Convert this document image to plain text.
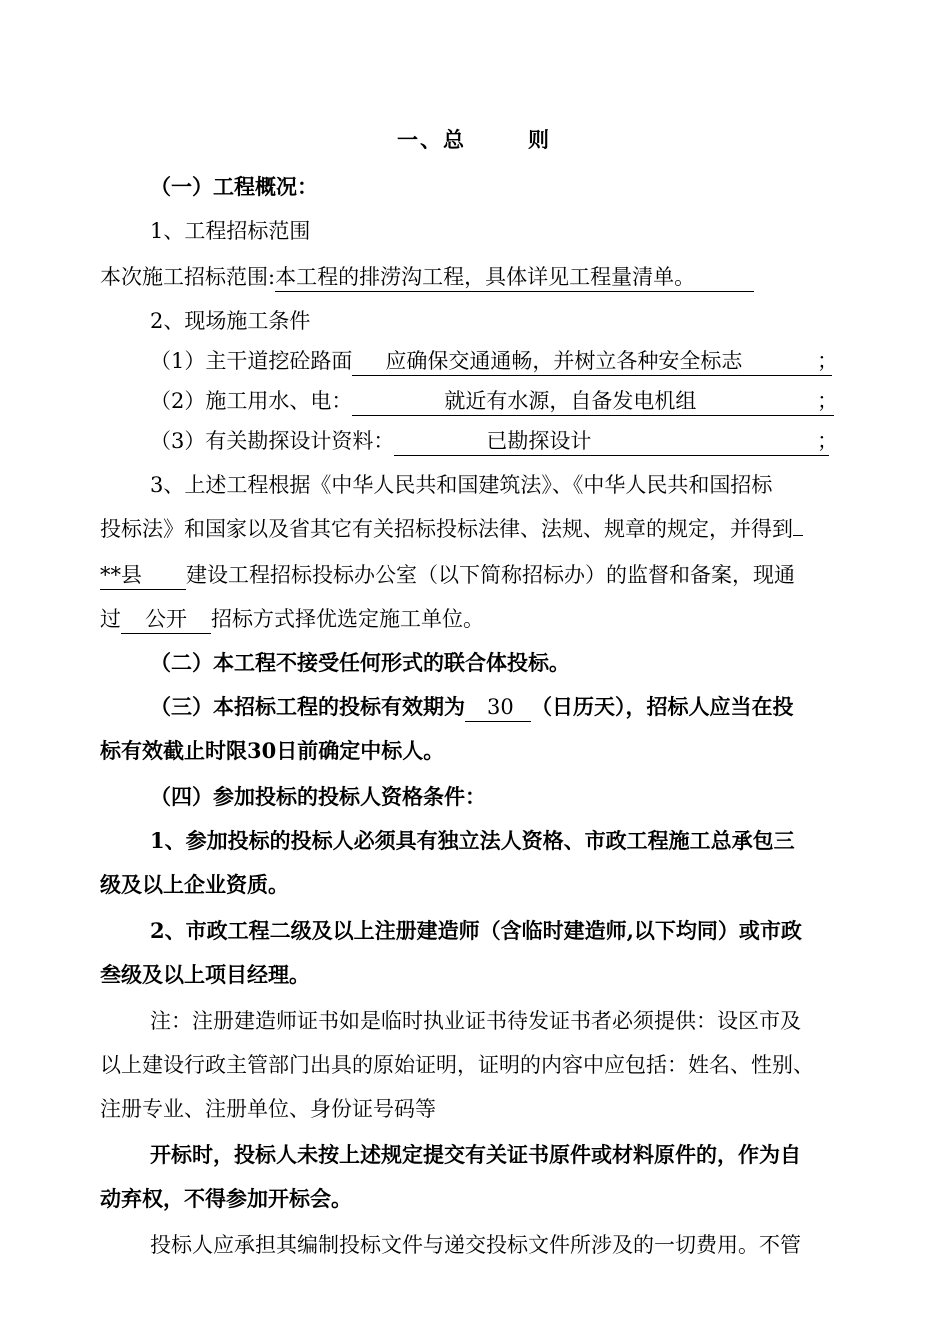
一、总	则
（一）工程概况：
1、工程招标范围
本次施工招标范围:本工程的排涝沟工程，具体详见工程量清单。
2、现场施工条件
（1）主干道挖砼路面 应确保交通通畅，并树立各种安全标志	；
（2）施工用水、电：	就近有水源，自备发电机组	；
（3）有关勘探设计资料：	已勘探设计	；
3、上述工程根据《中华人民共和国建筑法》、《中华人民共和国招标
投标法》和国家以及省其它有关招标投标法律、法规、规章的规定，并得到
**县 建设工程招标投标办公室（以下简称招标办）的监督和备案，现通
过 公开 招标方式择优选定施工单位。
（二）本工程不接受任何形式的联合体投标。
（三）本招标工程的投标有效期为 30 （日历天），招标人应当在投
标有效截止时限30日前确定中标人。
（四）参加投标的投标人资格条件：
1、参加投标的投标人必须具有独立法人资格、市政工程施工总承包三
级及以上企业资质。
2、市政工程二级及以上注册建造师（含临时建造师,以下均同）或市政
叁级及以上项目经理。
注：注册建造师证书如是临时执业证书待发证书者必须提供：设区市及
以上建设行政主管部门出具的原始证明，证明的内容中应包括：姓名、性别、
注册专业、注册单位、身份证号码等
开标时，投标人未按上述规定提交有关证书原件或材料原件的，作为自
动弃权，不得参加开标会。
投标人应承担其编制投标文件与递交投标文件所涉及的一切费用。不管
